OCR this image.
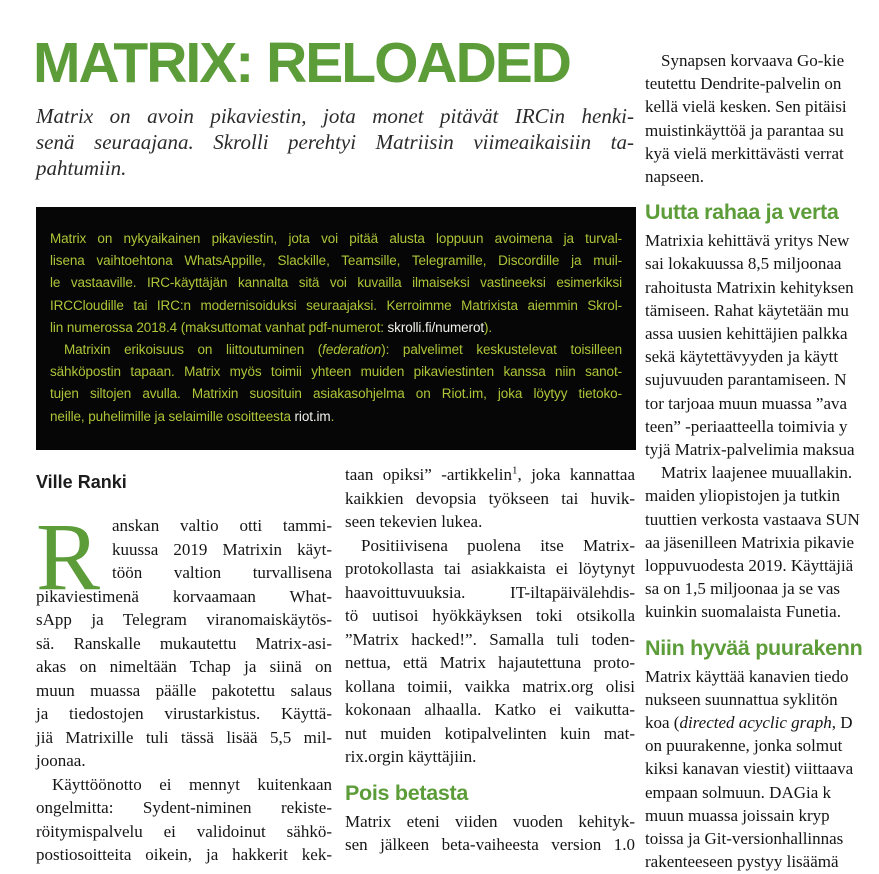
MATRIX: RELOADED
Matrix on avoin pikaviestin, jota monet pitävät IRCin henki-
senä seuraajana. Skrolli perehtyi Matriisin viimeaikaisiin ta-
pahtumiin.
Matrix on nykyaikainen pikaviestin, jota voi pitää alusta loppuun avoimena ja turval-
lisena vaihtoehtona WhatsAppille, Slackille, Teamsille, Telegramille, Discordille ja muil-
le vastaaville. IRC-käyttäjän kannalta sitä voi kuvailla ilmaiseksi vastineeksi esimerkiksi
IRCCloudille tai IRC:n modernisoiduksi seuraajaksi. Kerroimme Matrixista aiemmin Skrol-
lin numerossa 2018.4 (maksuttomat vanhat pdf-numerot: skrolli.fi/numerot).
Matrixin erikoisuus on liittoutuminen (federation): palvelimet keskustelevat toisilleen
sähköpostin tapaan. Matrix myös toimii yhteen muiden pikaviestinten kanssa niin sanot-
tujen siltojen avulla. Matrixin suosituin asiakasohjelma on Riot.im, joka löytyy tietoko-
neille, puhelimille ja selaimille osoitteesta riot.im.
Ville Ranki
R anskan valtio otti tammi-
kuussa 2019 Matrixin käyt-
töön valtion turvallisena
pikaviestimenä korvaamaan What-
sApp ja Telegram viranomaiskäytös-
sä. Ranskalle mukautettu Matrix-asi-
akas on nimeltään Tchap ja siinä on
muun muassa päälle pakotettu salaus
ja tiedostojen virustarkistus. Käyttä-
jiä Matrixille tuli tässä lisää 5,5 mil-
joonaa.
Käyttöönotto ei mennyt kuitenkaan
ongelmitta: Sydent-niminen rekiste-
röitymispalvelu ei validoinut sähkö-
postiosoitteita oikein, ja hakkerit kek-
taan opiksi” -artikkelin$^1$, joka kannattaa
kaikkien devopsia työkseen tai huvik-
seen tekevien lukea.
Positiivisena puolena itse Matrix-
protokollasta tai asiakkaista ei löytynyt
haavoittuvuuksia. IT-iltapäivälehdis-
tö uutisoi hyökkäyksen toki otsikolla
”Matrix hacked!”. Samalla tuli toden-
nettua, että Matrix hajautettuna proto-
kollana toimii, vaikka matrix.org olisi
kokonaan alhaalla. Katko ei vaikutta-
nut muiden kotipalvelinten kuin mat-
rix.orgin käyttäjiin.
Pois betasta
Matrix eteni viiden vuoden kehityk-
sen jälkeen beta-vaiheesta version 1.0
Synapsen korvaava Go-kie
teutettu Dendrite-palvelin on
kellä vielä kesken. Sen pitäisi
muistinkäyttöä ja parantaa su
kyä vielä merkittävästi verrat
napseen.
Uutta rahaa ja verta
Matrixia kehittävä yritys New
sai lokakuussa 8,5 miljoonaa
rahoitusta Matrixin kehityksen
tämiseen. Rahat käytetään mu
assa uusien kehittäjien palkka
sekä käytettävyyden ja käytt
sujuvuuden parantamiseen. N
tor tarjoaa muun muassa ”ava
teen” -periaatteella toimivia y
tyjä Matrix-palvelimia maksua
Matrix laajenee muuallakin.
maiden yliopistojen ja tutkin
tuuttien verkosta vastaava SUN
aa jäsenilleen Matrixia pikavie
loppuvuodesta 2019. Käyttäjiä
sa on 1,5 miljoonaa ja se vas
kuinkin suomalaista Funetia.
Niin hyvää puurakenn
Matrix käyttää kanavien tiedo
nukseen suunnattua syklitön
koa (directed acyclic graph, D
on puurakenne, jonka solmut
kiksi kanavan viestit) viittaava
empaan solmuun. DAGia k
muun muassa joissain kryp
toissa ja Git-versionhallinnas
rakenteeseen pystyy lisäämä
